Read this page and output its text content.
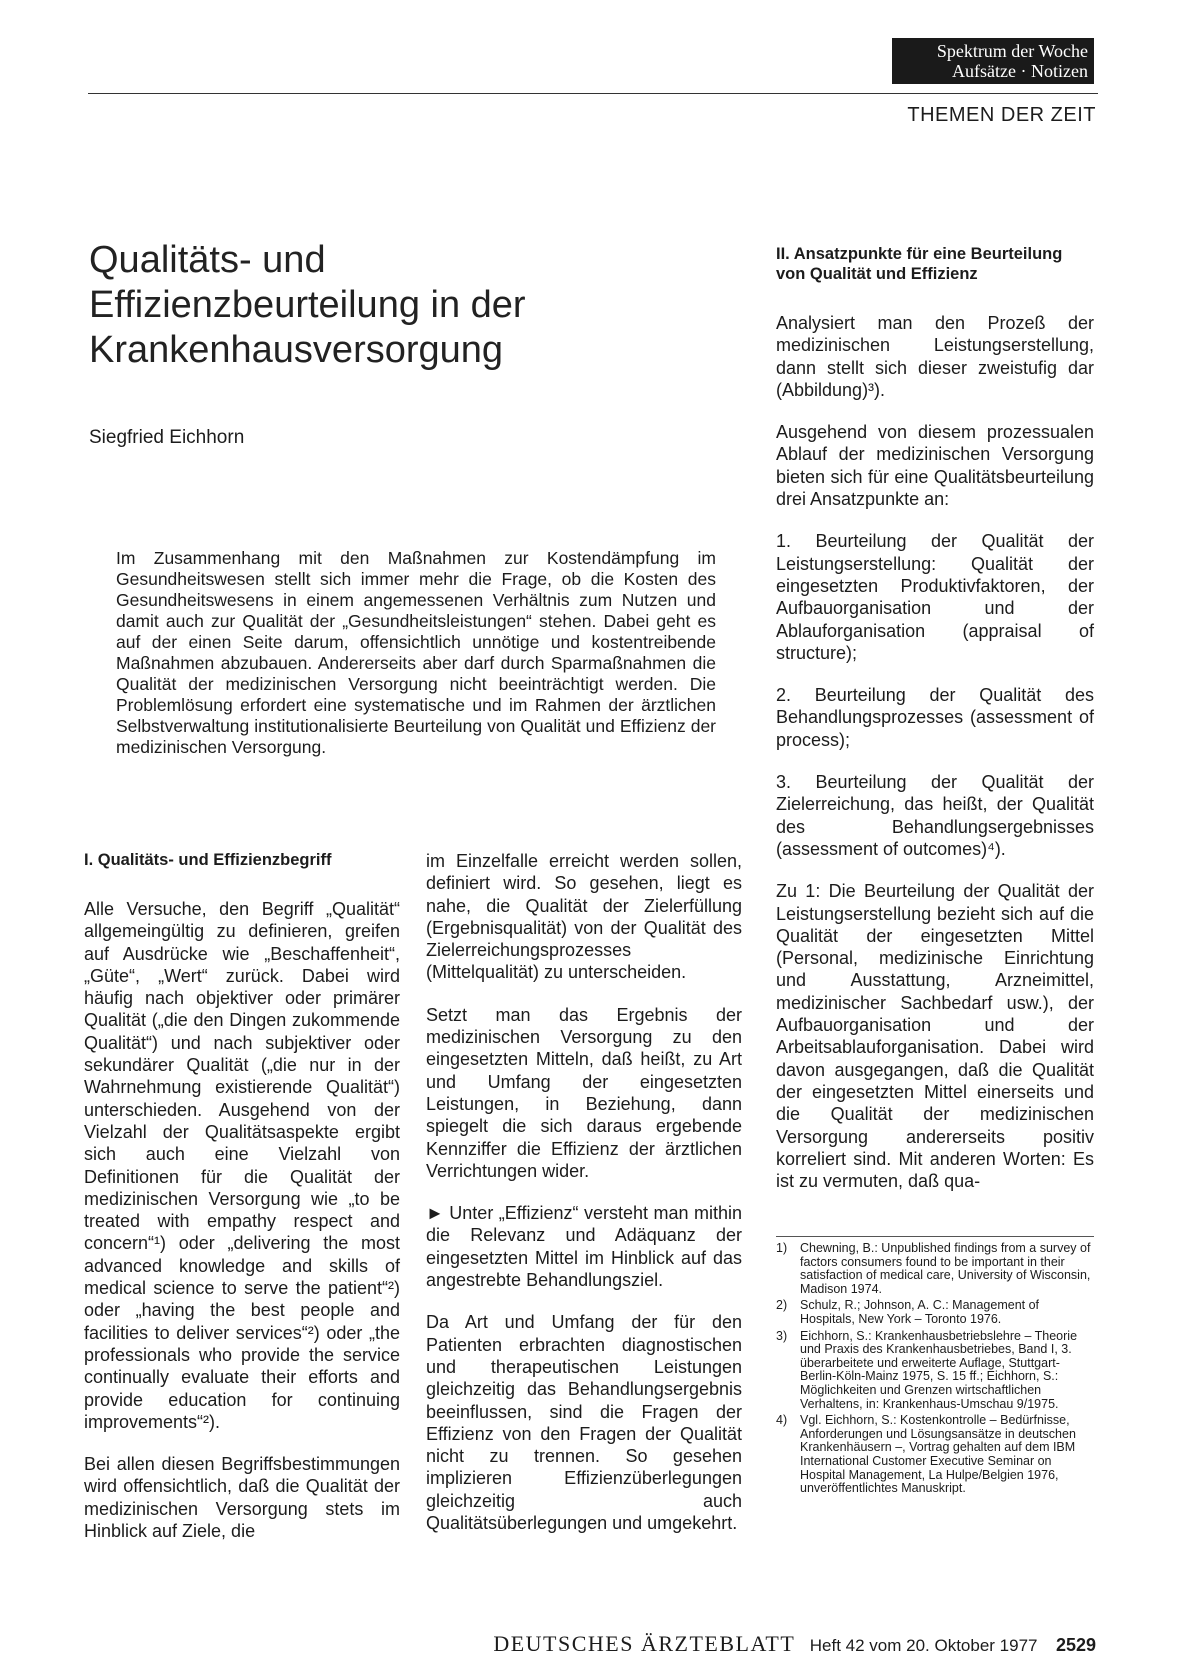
Spektrum der Woche
Aufsätze · Notizen
THEMEN DER ZEIT
Qualitäts- und
Effizienzbeurteilung in der
Krankenhausversorgung
Siegfried Eichhorn
Im Zusammenhang mit den Maßnahmen zur Kostendämpfung im Gesundheitswesen stellt sich immer mehr die Frage, ob die Kosten des Gesundheitswesens in einem angemessenen Verhältnis zum Nutzen und damit auch zur Qualität der „Gesundheitsleistungen“ stehen. Dabei geht es auf der einen Seite darum, offensichtlich unnötige und kostentreibende Maßnahmen abzubauen. Andererseits aber darf durch Sparmaßnahmen die Qualität der medizinischen Versorgung nicht beeinträchtigt werden. Die Problemlösung erfordert eine systematische und im Rahmen der ärztlichen Selbstverwaltung institutionalisierte Beurteilung von Qualität und Effizienz der medizinischen Versorgung.
I. Qualitäts- und Effizienzbegriff

Alle Versuche, den Begriff „Qualität“ allgemeingültig zu definieren, greifen auf Ausdrücke wie „Beschaffenheit“, „Güte“, „Wert“ zurück. Dabei wird häufig nach objektiver oder primärer Qualität („die den Dingen zukommende Qualität“) und nach subjektiver oder sekundärer Qualität („die nur in der Wahrnehmung existierende Qualität“) unterschieden. Ausgehend von der Vielzahl der Qualitätsaspekte ergibt sich auch eine Vielzahl von Definitionen für die Qualität der medizinischen Versorgung wie „to be treated with empathy respect and concern“¹) oder „delivering the most advanced knowledge and skills of medical science to serve the patient“²) oder „having the best people and facilities to deliver services“²) oder „the professionals who provide the service continually evaluate their efforts and provide education for continuing improvements“²).

Bei allen diesen Begriffsbestimmungen wird offensichtlich, daß die Qualität der medizinischen Versorgung stets im Hinblick auf Ziele, die

im Einzelfalle erreicht werden sollen, definiert wird. So gesehen, liegt es nahe, die Qualität der Zielerfüllung (Ergebnisqualität) von der Qualität des Zielerreichungsprozesses (Mittelqualität) zu unterscheiden.

Setzt man das Ergebnis der medizinischen Versorgung zu den eingesetzten Mitteln, daß heißt, zu Art und Umfang der eingesetzten Leistungen, in Beziehung, dann spiegelt die sich daraus ergebende Kennziffer die Effizienz der ärztlichen Verrichtungen wider.

► Unter „Effizienz“ versteht man mithin die Relevanz und Adäquanz der eingesetzten Mittel im Hinblick auf das angestrebte Behandlungsziel.

Da Art und Umfang der für den Patienten erbrachten diagnostischen und therapeutischen Leistungen gleichzeitig das Behandlungsergebnis beeinflussen, sind die Fragen der Effizienz von den Fragen der Qualität nicht zu trennen. So gesehen implizieren Effizienzüberlegungen gleichzeitig auch Qualitätsüberlegungen und umgekehrt.

II. Ansatzpunkte für eine Beurteilung von Qualität und Effizienz

Analysiert man den Prozeß der medizinischen Leistungserstellung, dann stellt sich dieser zweistufig dar (Abbildung)³).

Ausgehend von diesem prozessualen Ablauf der medizinischen Versorgung bieten sich für eine Qualitätsbeurteilung drei Ansatzpunkte an:

1. Beurteilung der Qualität der Leistungserstellung: Qualität der eingesetzten Produktivfaktoren, der Aufbauorganisation und der Ablauforganisation (appraisal of structure);

2. Beurteilung der Qualität des Behandlungsprozesses (assessment of process);

3. Beurteilung der Qualität der Zielerreichung, das heißt, der Qualität des Behandlungsergebnisses (assessment of outcomes)⁴).

Zu 1: Die Beurteilung der Qualität der Leistungserstellung bezieht sich auf die Qualität der eingesetzten Mittel (Personal, medizinische Einrichtung und Ausstattung, Arzneimittel, medizinischer Sachbedarf usw.), der Aufbauorganisation und der Arbeitsablauforganisation. Dabei wird davon ausgegangen, daß die Qualität der eingesetzten Mittel einerseits und die Qualität der medizinischen Versorgung andererseits positiv korreliert sind. Mit anderen Worten: Es ist zu vermuten, daß qua-

1)	Chewning, B.: Unpublished findings from a survey of factors consumers found to be important in their satisfaction of medical care, University of Wisconsin, Madison 1974.
2)	Schulz, R.; Johnson, A. C.: Management of Hospitals, New York – Toronto 1976.
3)	Eichhorn, S.: Krankenhausbetriebslehre – Theorie und Praxis des Krankenhausbetriebes, Band I, 3. überarbeitete und erweiterte Auflage, Stuttgart-Berlin-Köln-Mainz 1975, S. 15 ff.; Eichhorn, S.: Möglichkeiten und Grenzen wirtschaftlichen Verhaltens, in: Krankenhaus-Umschau 9/1975.
4)	Vgl. Eichhorn, S.: Kostenkontrolle – Bedürfnisse, Anforderungen und Lösungsansätze in deutschen Krankenhäusern –, Vortrag gehalten auf dem IBM International Customer Executive Seminar on Hospital Management, La Hulpe/Belgien 1976, unveröffentlichtes Manuskript.
DEUTSCHES ÄRZTEBLATT Heft 42 vom 20. Oktober 1977 2529
